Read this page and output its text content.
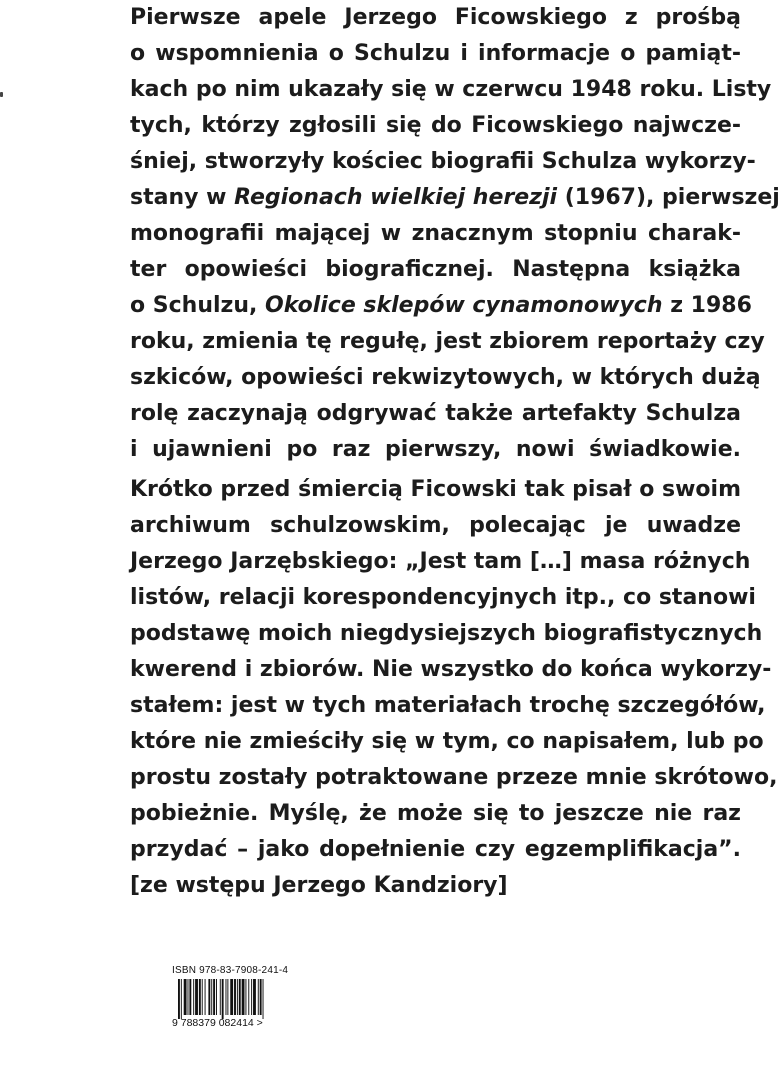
Pierwsze apele Jerzego Ficowskiego z prośbą
o wspomnienia o Schulzu i informacje o pamiąt-
kach po nim ukazały się w czerwcu 1948 roku. Listy
tych, którzy zgłosili się do Ficowskiego najwcze-
śniej, stworzyły kościec biografii Schulza wykorzy-
stany w Regionach wielkiej herezji (1967), pierwszej
monografii mającej w znacznym stopniu charak-
ter opowieści biograficznej. Następna książka
o Schulzu, Okolice sklepów cynamonowych z 1986
roku, zmienia tę regułę, jest zbiorem reportaży czy
szkiców, opowieści rekwizytowych, w których dużą
rolę zaczynają odgrywać także artefakty Schulza
i ujawnieni po raz pierwszy, nowi świadkowie.
Krótko przed śmiercią Ficowski tak pisał o swoim
archiwum schulzowskim, polecając je uwadze
Jerzego Jarzębskiego: „Jest tam […] masa różnych
listów, relacji korespondencyjnych itp., co stanowi
podstawę moich niegdysiejszych biografistycznych
kwerend i zbiorów. Nie wszystko do końca wykorzy-
stałem: jest w tych materiałach trochę szczegółów,
które nie zmieściły się w tym, co napisałem, lub po
prostu zostały potraktowane przeze mnie skrótowo,
pobieżnie. Myślę, że może się to jeszcze nie raz
przydać – jako dopełnienie czy egzemplifikacja”.
[ze wstępu Jerzego Kandziory]
ISBN 978-83-7908-241-4
9 788379 082414 >
